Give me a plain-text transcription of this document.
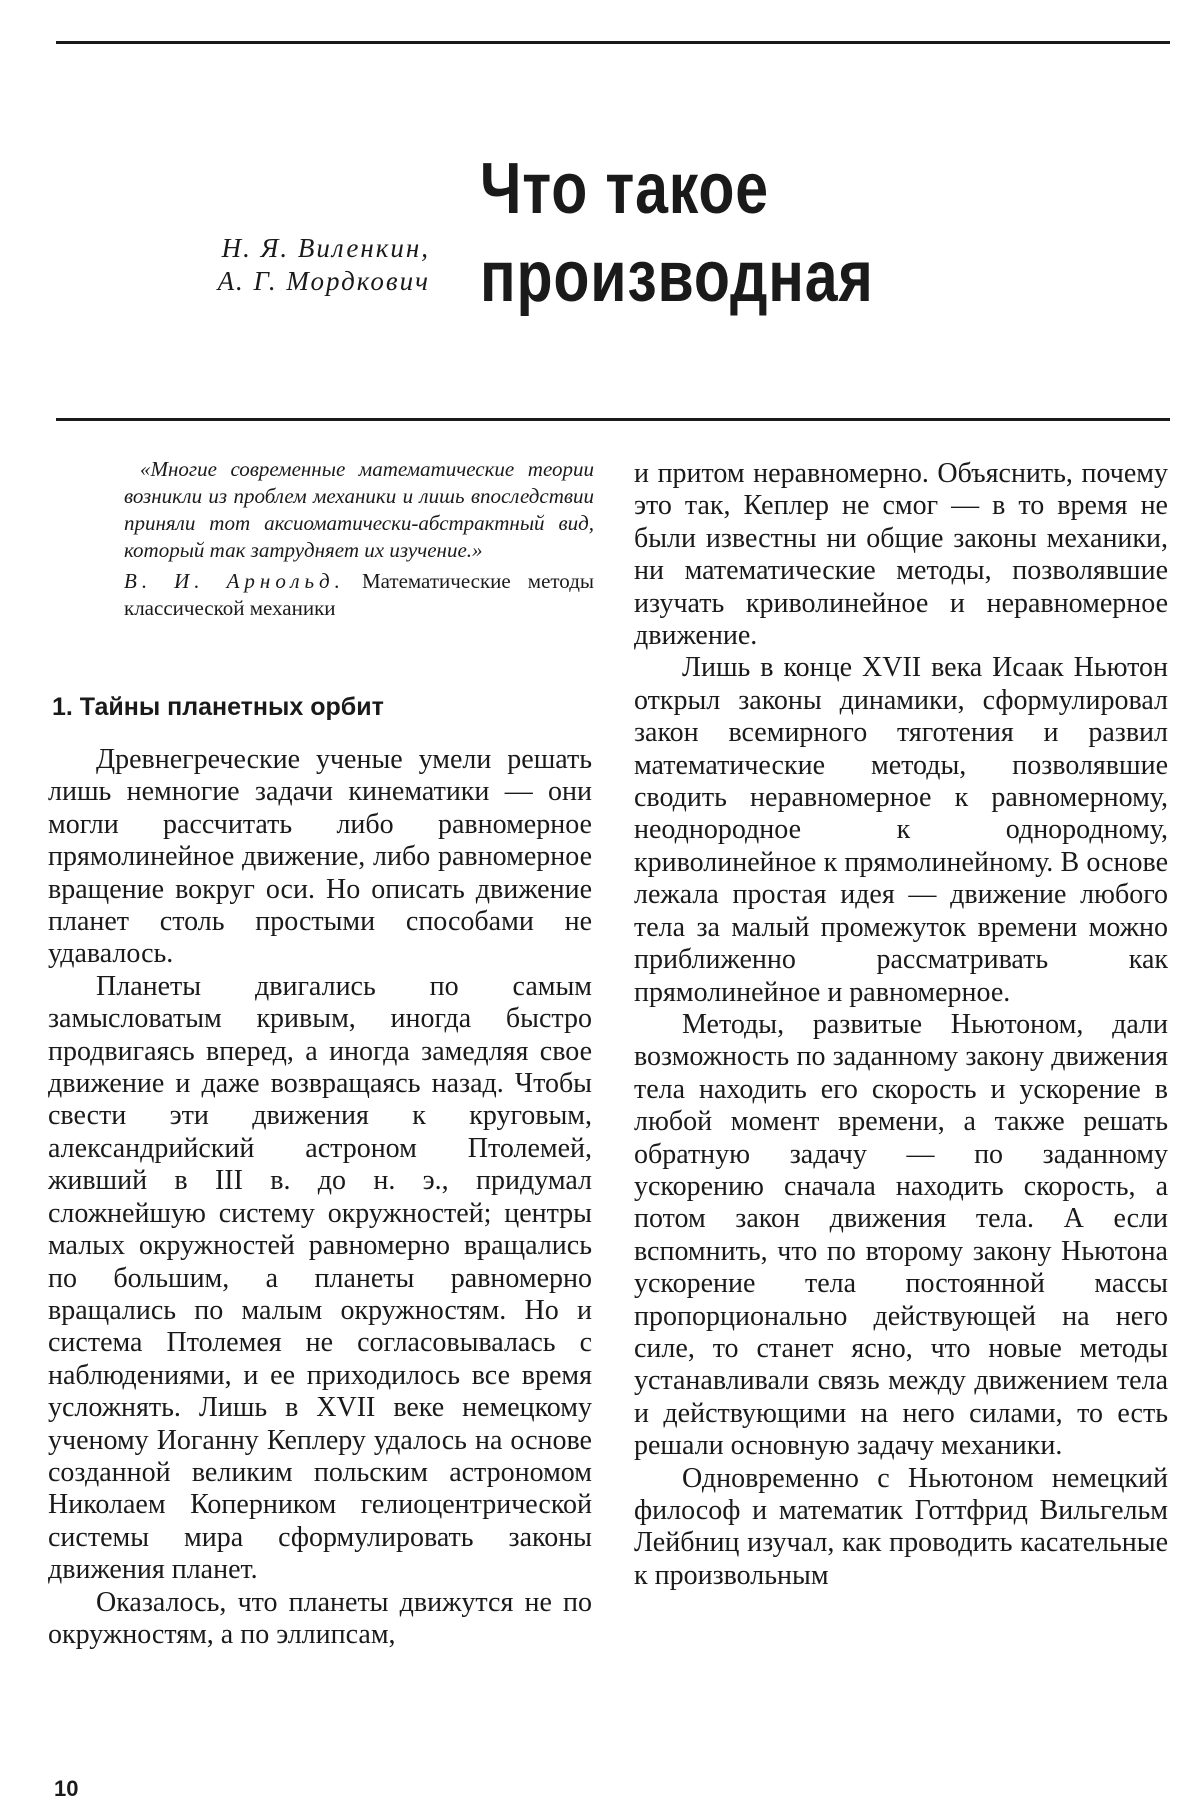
Что такое
производная
Н. Я. Виленкин,
А. Г. Мордкович

«Многие современные математические теории возникли из проблем механики и лишь впоследствии приняли тот аксиоматически-абстрактный вид, который так затрудняет их изучение.»

В. И. Арнольд. Математические методы классической механики

1. Тайны планетных орбит

Древнегреческие ученые умели решать лишь немногие задачи кинематики — они могли рассчитать либо равномерное прямолинейное движение, либо равномерное вращение вокруг оси. Но описать движение планет столь простыми способами не удавалось.

Планеты двигались по самым замысловатым кривым, иногда быстро продвигаясь вперед, а иногда замедляя свое движение и даже возвращаясь назад. Чтобы свести эти движения к круговым, александрийский астроном Птолемей, живший в III в. до н. э., придумал сложнейшую систему окружностей; центры малых окружностей равномерно вращались по большим, а планеты равномерно вращались по малым окружностям. Но и система Птолемея не согласовывалась с наблюдениями, и ее приходилось все время усложнять. Лишь в XVII веке немецкому ученому Иоганну Кеплеру удалось на основе созданной великим польским астрономом Николаем Коперником гелиоцентрической системы мира сформулировать законы движения планет.

Оказалось, что планеты движутся не по окружностям, а по эллипсам,

и притом неравномерно. Объяснить, почему это так, Кеплер не смог — в то время не были известны ни общие законы механики, ни математические методы, позволявшие изучать криволинейное и неравномерное движение.

Лишь в конце XVII века Исаак Ньютон открыл законы динамики, сформулировал закон всемирного тяготения и развил математические методы, позволявшие сводить неравномерное к равномерному, неоднородное к однородному, криволинейное к прямолинейному. В основе лежала простая идея — движение любого тела за малый промежуток времени можно приближенно рассматривать как прямолинейное и равномерное.

Методы, развитые Ньютоном, дали возможность по заданному закону движения тела находить его скорость и ускорение в любой момент времени, а также решать обратную задачу — по заданному ускорению сначала находить скорость, а потом закон движения тела. А если вспомнить, что по второму закону Ньютона ускорение тела постоянной массы пропорционально действующей на него силе, то станет ясно, что новые методы устанавливали связь между движением тела и действующими на него силами, то есть решали основную задачу механики.

Одновременно с Ньютоном немецкий философ и математик Готтфрид Вильгельм Лейбниц изучал, как проводить касательные к произвольным

10
